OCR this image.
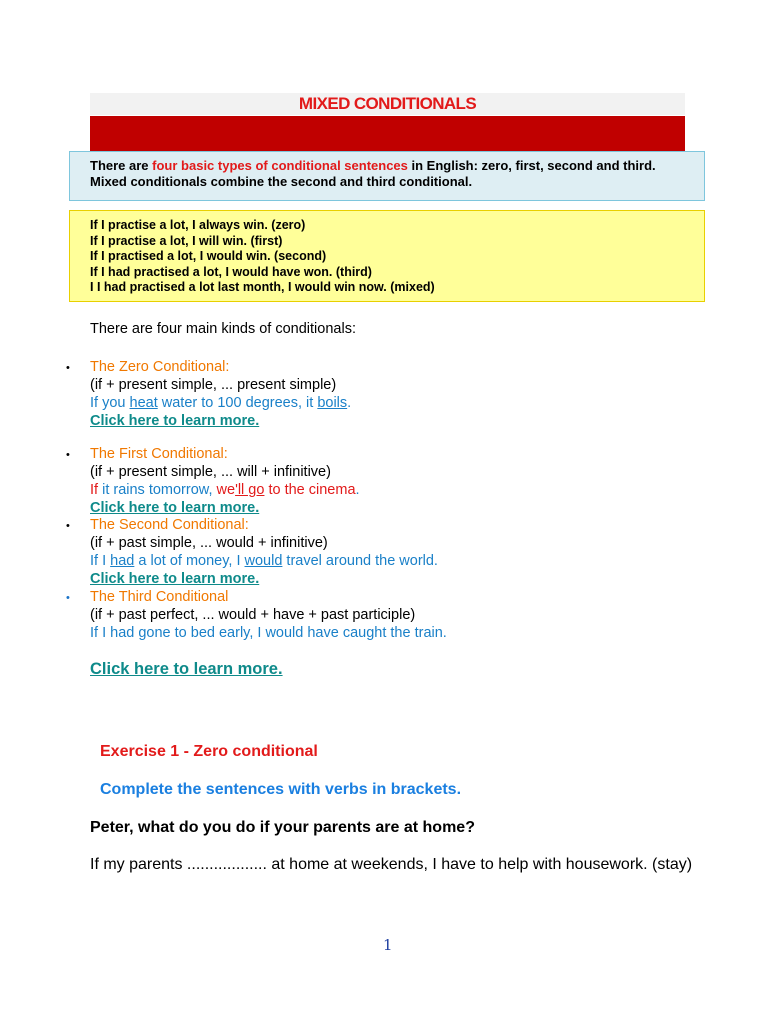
MIXED CONDITIONALS
There are four basic types of conditional sentences in English: zero, first, second and third.
Mixed conditionals combine the second and third conditional.
If I practise a lot, I always win. (zero)
If I practise a lot, I will win. (first)
If I practised a lot, I would win. (second)
If I had practised a lot, I would have won. (third)
I I had practised a lot last month, I would win now. (mixed)
There are four main kinds of conditionals:
• The Zero Conditional:
(if + present simple, ... present simple)
If you heat water to 100 degrees, it boils.
Click here to learn more.
• The First Conditional:
(if + present simple, ... will + infinitive)
If it rains tomorrow, we'll go to the cinema.
Click here to learn more.
• The Second Conditional:
(if + past simple, ... would + infinitive)
If I had a lot of money, I would travel around the world.
Click here to learn more.
• The Third Conditional
(if + past perfect, ... would + have + past participle)
If I had gone to bed early, I would have caught the train.
Click here to learn more.
Exercise 1 - Zero conditional
Complete the sentences with verbs in brackets.
Peter, what do you do if your parents are at home?
If my parents .................. at home at weekends, I have to help with housework. (stay)
1
